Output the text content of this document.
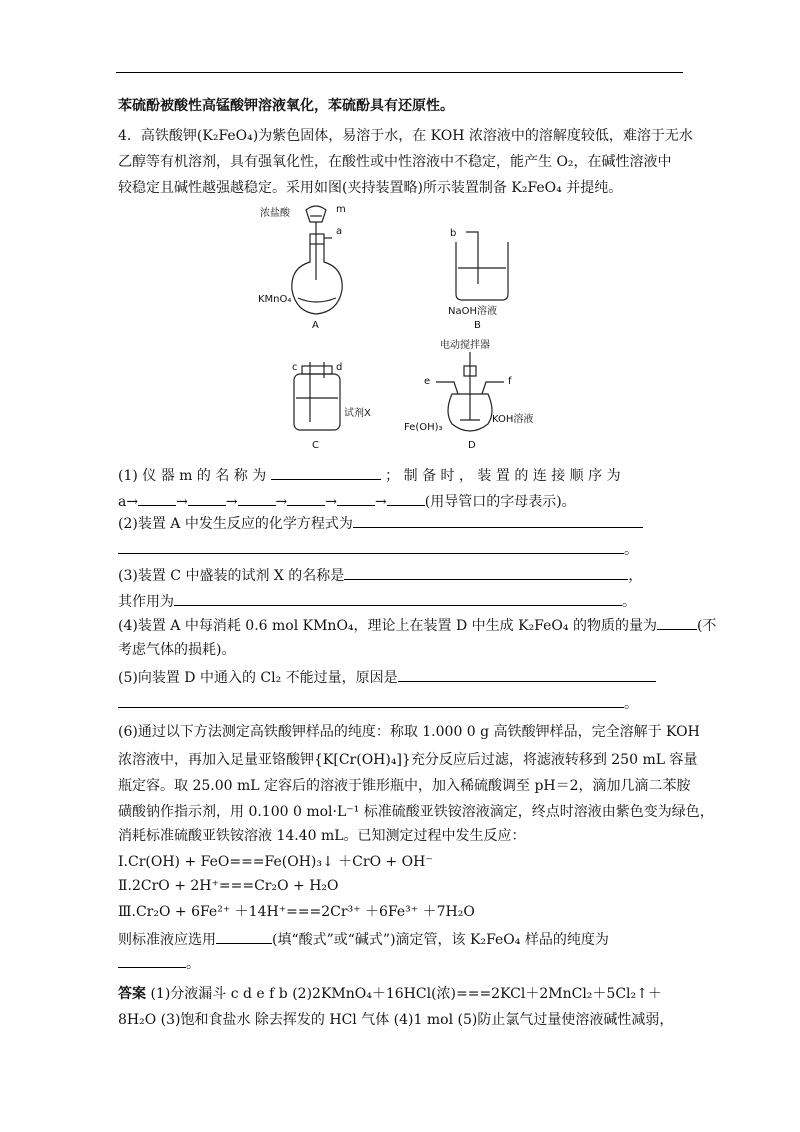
苯硫酚被酸性高锰酸钾溶液氧化，苯硫酚具有还原性。
4．高铁酸钾(K₂FeO₄)为紫色固体，易溶于水，在 KOH 浓溶液中的溶解度较低，难溶于无水
乙醇等有机溶剂，具有强氧化性，在酸性或中性溶液中不稳定，能产生 O₂，在碱性溶液中
较稳定且碱性越强越稳定。采用如图(夹持装置略)所示装置制备 K₂FeO₄ 并提纯。
浓盐酸	m
a
KMnO₄
A
b
NaOH溶液
B
c	d
试剂X
C
电动搅拌器
e	f
Fe(OH)₃
KOH溶液
D
(1) 仪 器 m 的 名 称 为	； 制 备 时 ， 装 置 的 连 接 顺 序 为
a→	→	→	→	→	→	(用导管口的字母表示)。
(2)装置 A 中发生反应的化学方程式为
。
(3)装置 C 中盛装的试剂 X 的名称是	，
其作用为	。
(4)装置 A 中每消耗 0.6 mol KMnO₄，理论上在装置 D 中生成 K₂FeO₄ 的物质的量为	(不
考虑气体的损耗)。
(5)向装置 D 中通入的 Cl₂ 不能过量，原因是
。
(6)通过以下方法测定高铁酸钾样品的纯度：称取 1.000 0 g 高铁酸钾样品，完全溶解于 KOH
浓溶液中，再加入足量亚铬酸钾{K[Cr(OH)₄]}充分反应后过滤，将滤液转移到 250 mL 容量
瓶定容。取 25.00 mL 定容后的溶液于锥形瓶中，加入稀硫酸调至 pH＝2，滴加几滴二苯胺
磺酸钠作指示剂，用 0.100 0 mol·L⁻¹ 标准硫酸亚铁铵溶液滴定，终点时溶液由紫色变为绿色，
消耗标准硫酸亚铁铵溶液 14.40 mL。已知测定过程中发生反应：
Ⅰ.Cr(OH) + FeO===Fe(OH)₃↓ ＋CrO + OH⁻
Ⅱ.2CrO + 2H⁺===Cr₂O + H₂O
Ⅲ.Cr₂O + 6Fe²⁺ ＋14H⁺===2Cr³⁺ ＋6Fe³⁺ ＋7H₂O
则标准液应选用	(填“酸式”或“碱式”)滴定管，该 K₂FeO₄ 样品的纯度为
。
答案 (1)分液漏斗 c d e f b (2)2KMnO₄＋16HCl(浓)===2KCl＋2MnCl₂＋5Cl₂↑＋
8H₂O (3)饱和食盐水 除去挥发的 HCl 气体 (4)1 mol (5)防止氯气过量使溶液碱性减弱，
